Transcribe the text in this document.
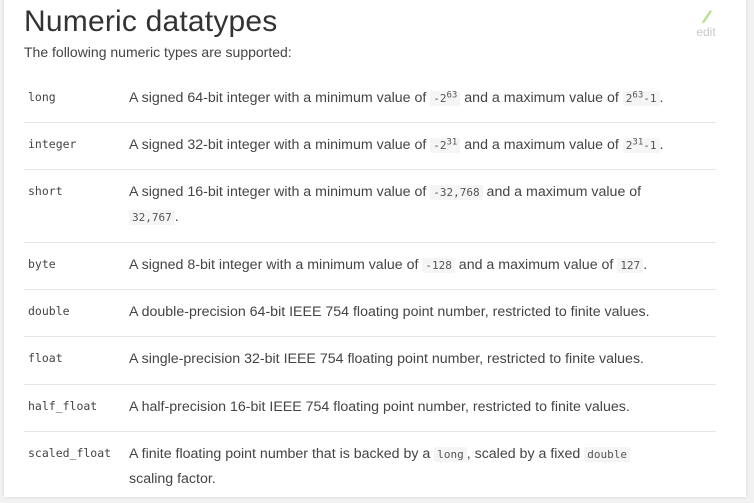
Numeric datatypes	edit

The following numeric types are supported:

long	A signed 64-bit integer with a minimum value of $-2^{63}$ and a maximum value of $2^{63}-1$ .

integer	A signed 32-bit integer with a minimum value of $-2^{31}$ and a maximum value of $2^{31}-1$ .

short	A signed 16-bit integer with a minimum value of -32,768 and a maximum value of
32,767 .

byte	A signed 8-bit integer with a minimum value of -128 and a maximum value of 127 .

double	A double-precision 64-bit IEEE 754 floating point number, restricted to finite values.

float	A single-precision 32-bit IEEE 754 floating point number, restricted to finite values.

half_float	A half-precision 16-bit IEEE 754 floating point number, restricted to finite values.

scaled_float	A finite floating point number that is backed by a long , scaled by a fixed double
scaling factor.
